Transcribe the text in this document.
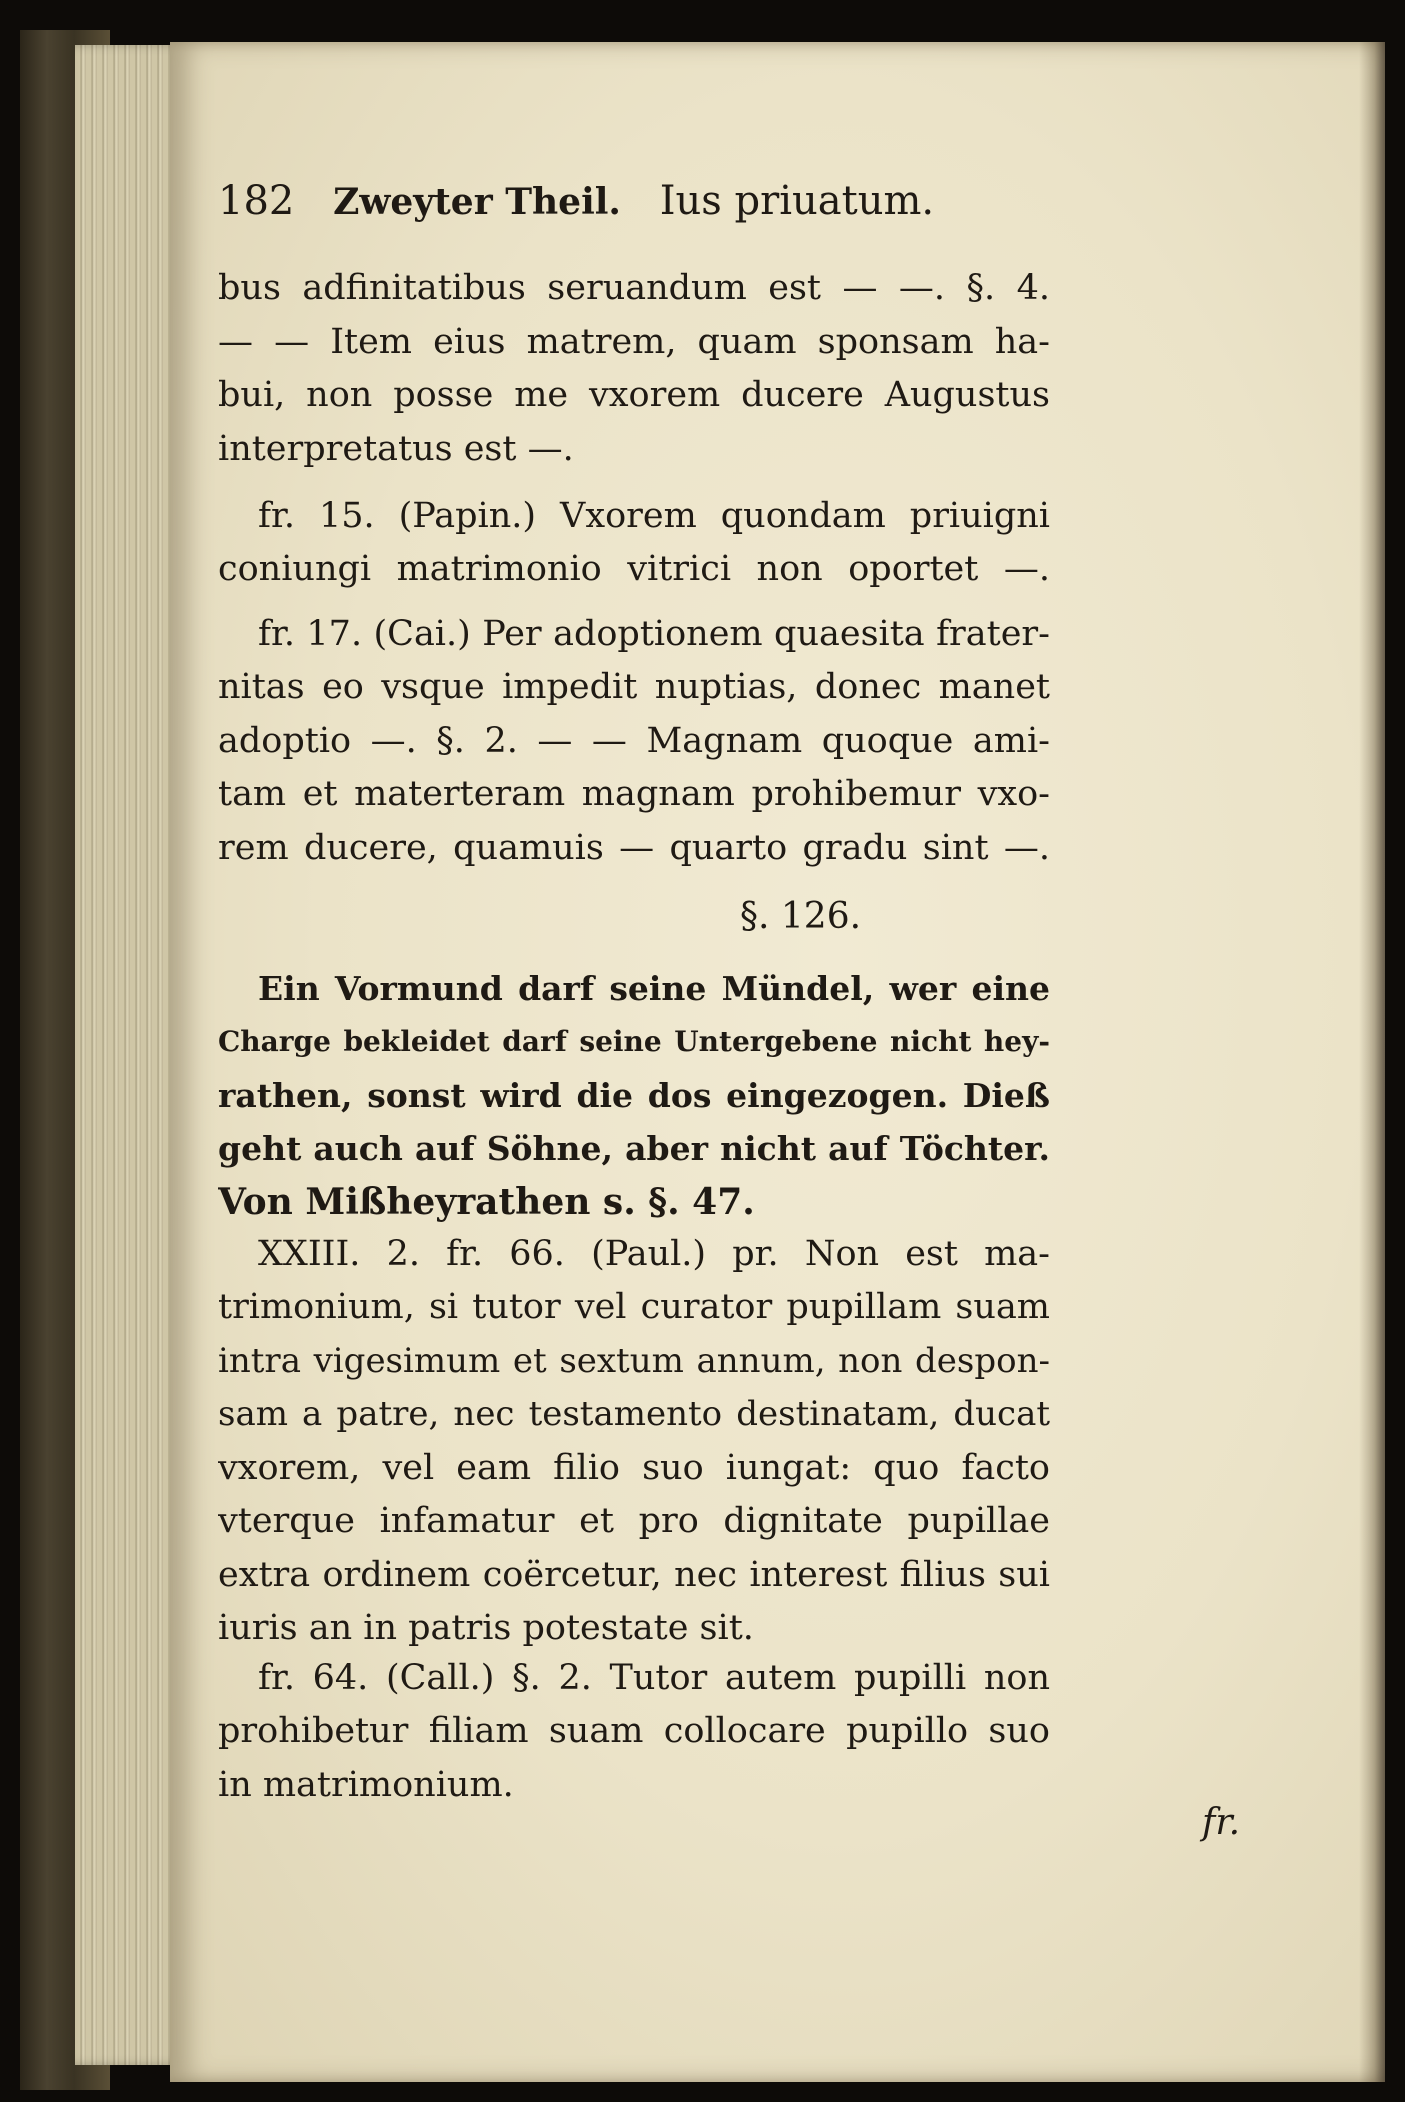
182 Zweyter Theil. Ius priuatum.
bus adfinitatibus seruandum est — —. §. 4.
— — Item eius matrem, quam sponsam ha-
bui, non posse me vxorem ducere Augustus
interpretatus est —.
fr. 15. (Papin.) Vxorem quondam priuigni
coniungi matrimonio vitrici non oportet —.
fr. 17. (Cai.) Per adoptionem quaesita frater-
nitas eo vsque impedit nuptias, donec manet
adoptio —. §. 2. — — Magnam quoque ami-
tam et materteram magnam prohibemur vxo-
rem ducere, quamuis — quarto gradu sint —.
§. 126.
Ein Vormund darf seine Mündel, wer eine
Charge bekleidet darf seine Untergebene nicht hey-
rathen, sonst wird die dos eingezogen. Dieß
geht auch auf Söhne, aber nicht auf Töchter.
Von Mißheyrathen s. §. 47.
XXIII. 2. fr. 66. (Paul.) pr. Non est ma-
trimonium, si tutor vel curator pupillam suam
intra vigesimum et sextum annum, non despon-
sam a patre, nec testamento destinatam, ducat
vxorem, vel eam filio suo iungat: quo facto
vterque infamatur et pro dignitate pupillae
extra ordinem coërcetur, nec interest filius sui
iuris an in patris potestate sit.
fr. 64. (Call.) §. 2. Tutor autem pupilli non
prohibetur filiam suam collocare pupillo suo
in matrimonium.
fr.
